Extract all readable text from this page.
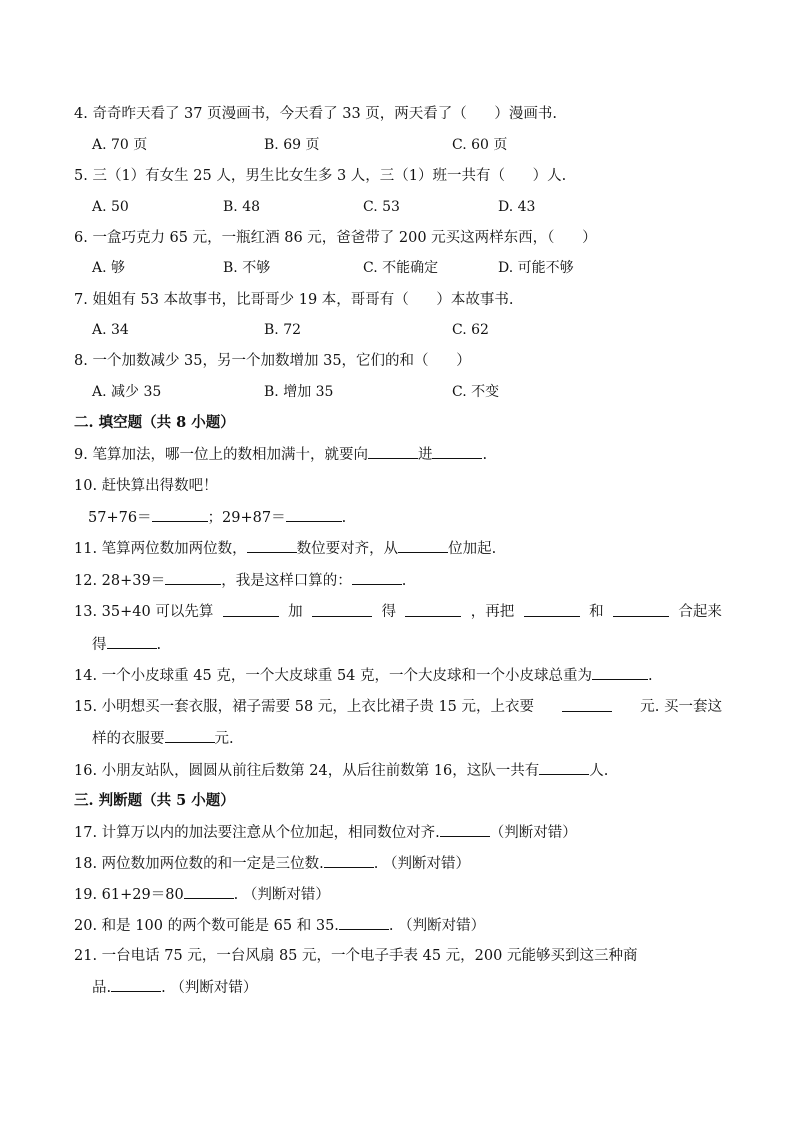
4. 奇奇昨天看了 37 页漫画书，今天看了 33 页，两天看了（      ）漫画书.

A. 70 页

	B. 69 页

	C. 60 页

5. 三（1）有女生 25 人，男生比女生多 3 人，三（1）班一共有（      ）人.

A. 50

	B. 48

	C. 53

	D. 43

6. 一盒巧克力 65 元，一瓶红酒 86 元，爸爸带了 200 元买这两样东西，（      ）

A. 够

	B. 不够

	C. 不能确定

	D. 可能不够

7. 姐姐有 53 本故事书，比哥哥少 19 本，哥哥有（      ）本故事书.

A. 34

	B. 72

	C. 62

8. 一个加数减少 35，另一个加数增加 35，它们的和（      ）

A. 减少 35

	B. 增加 35

	C. 不变

二. 填空题（共 8 小题）
9. 笔算加法，哪一位上的数相加满十，就要向	进	.
10. 赶快算出得数吧！
57+76＝	；29+87＝	.
11. 笔算两位数加两位数，	数位要对齐，从	位加起.
12. 28+39＝	，我是这样口算的：	.
13. 35+40 可以先算	加	得	，再把	和	合起来
得	.
14. 一个小皮球重 45 克，一个大皮球重 54 克，一个大皮球和一个小皮球总重为	.
15. 小明想买一套衣服，裙子需要 58 元，上衣比裙子贵 15 元，上衣要	元. 买一套这
样的衣服要	元.
16. 小朋友站队，圆圆从前往后数第 24，从后往前数第 16，这队一共有	人.
三. 判断题（共 5 小题）
17. 计算万以内的加法要注意从个位加起，相同数位对齐.	（判断对错）
18. 两位数加两位数的和一定是三位数.	. （判断对错）
19. 61+29＝80	. （判断对错）
20. 和是 100 的两个数可能是 65 和 35.	. （判断对错）
21. 一台电话 75 元，一台风扇 85 元，一个电子手表 45 元，200 元能够买到这三种商
品.	. （判断对错）
